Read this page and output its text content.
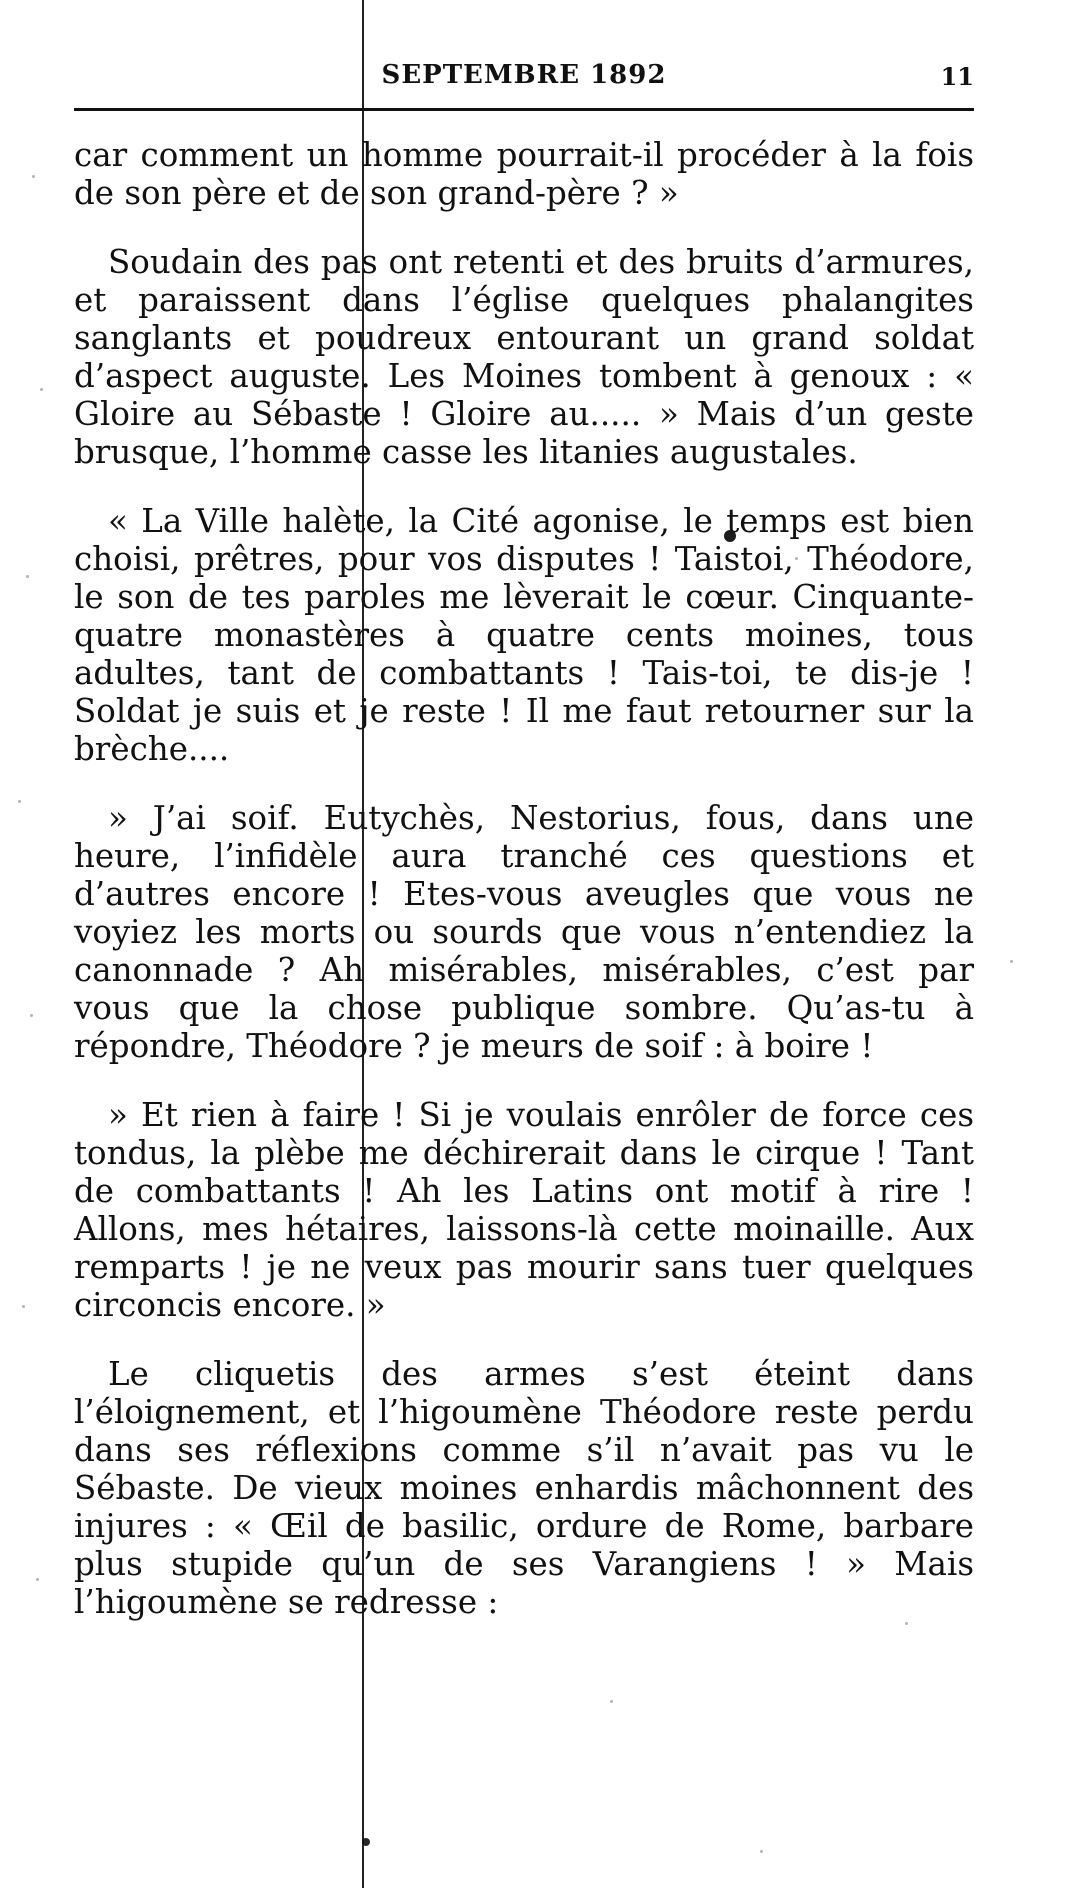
SEPTEMBRE 1892	11

car comment un homme pourrait-il procéder à la fois de son père et de son grand-père ? »

Soudain des pas ont retenti et des bruits d’armures, et paraissent dans l’église quelques phalangites sanglants et poudreux entourant un grand soldat d’aspect auguste. Les Moines tombent à genoux : « Gloire au Sébaste ! Gloire au..... » Mais d’un geste brusque, l’homme casse les litanies augustales.

« La Ville halète, la Cité agonise, le temps est bien choisi, prêtres, pour vos disputes ! Taistoi, Théodore, le son de tes paroles me lèverait le cœur. Cinquante-quatre monastères à quatre cents moines, tous adultes, tant de combattants ! Tais-toi, te dis-je ! Soldat je suis et je reste ! Il me faut retourner sur la brèche....

» J’ai soif. Eutychès, Nestorius, fous, dans une heure, l’infidèle aura tranché ces questions et d’autres encore ! Etes-vous aveugles que vous ne voyiez les morts ou sourds que vous n’entendiez la canonnade ? Ah misérables, misérables, c’est par vous que la chose publique sombre. Qu’as-tu à répondre, Théodore ? je meurs de soif : à boire !

» Et rien à faire ! Si je voulais enrôler de force ces tondus, la plèbe me déchirerait dans le cirque ! Tant de combattants ! Ah les Latins ont motif à rire ! Allons, mes hétaires, laissons-là cette moinaille. Aux remparts ! je ne veux pas mourir sans tuer quelques circoncis encore. »

Le cliquetis des armes s’est éteint dans l’éloignement, et l’higoumène Théodore reste perdu dans ses réflexions comme s’il n’avait pas vu le Sébaste. De vieux moines enhardis mâchonnent des injures : « Œil de basilic, ordure de Rome, barbare plus stupide qu’un de ses Varangiens ! » Mais l’higoumène se redresse :
